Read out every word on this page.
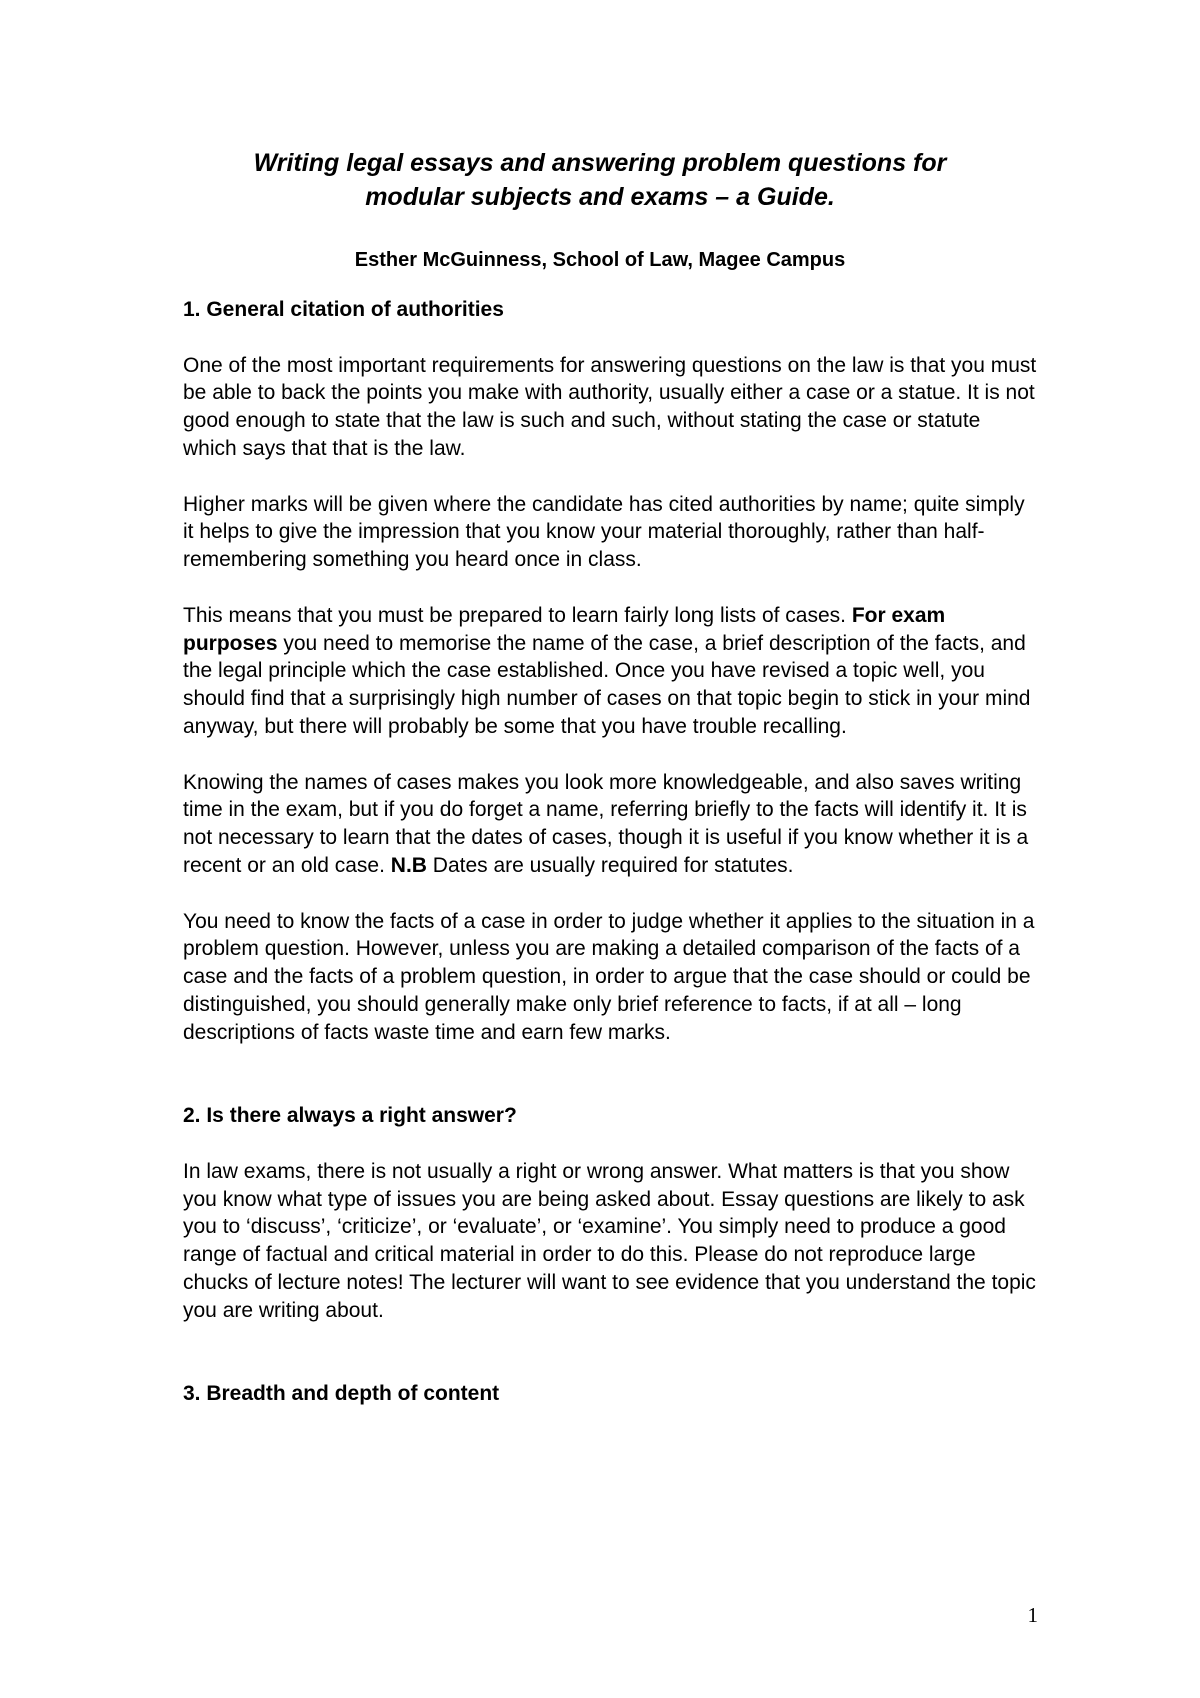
Writing legal essays and answering problem questions for
modular subjects and exams – a Guide.

Esther McGuinness, School of Law, Magee Campus

1. General citation of authorities

One of the most important requirements for answering questions on the law is that you must be able to back the points you make with authority, usually either a case or a statue. It is not good enough to state that the law is such and such, without stating the case or statute which says that that is the law.

Higher marks will be given where the candidate has cited authorities by name; quite simply it helps to give the impression that you know your material thoroughly, rather than half-remembering something you heard once in class.

This means that you must be prepared to learn fairly long lists of cases. For exam purposes you need to memorise the name of the case, a brief description of the facts, and the legal principle which the case established. Once you have revised a topic well, you should find that a surprisingly high number of cases on that topic begin to stick in your mind anyway, but there will probably be some that you have trouble recalling.

Knowing the names of cases makes you look more knowledgeable, and also saves writing time in the exam, but if you do forget a name, referring briefly to the facts will identify it. It is not necessary to learn that the dates of cases, though it is useful if you know whether it is a recent or an old case. N.B Dates are usually required for statutes.

You need to know the facts of a case in order to judge whether it applies to the situation in a problem question. However, unless you are making a detailed comparison of the facts of a case and the facts of a problem question, in order to argue that the case should or could be distinguished, you should generally make only brief reference to facts, if at all – long descriptions of facts waste time and earn few marks.

2. Is there always a right answer?

In law exams, there is not usually a right or wrong answer. What matters is that you show you know what type of issues you are being asked about. Essay questions are likely to ask you to ‘discuss’, ‘criticize’, or ‘evaluate’, or ‘examine’. You simply need to produce a good range of factual and critical material in order to do this. Please do not reproduce large chucks of lecture notes! The lecturer will want to see evidence that you understand the topic you are writing about.

3. Breadth and depth of content
1
